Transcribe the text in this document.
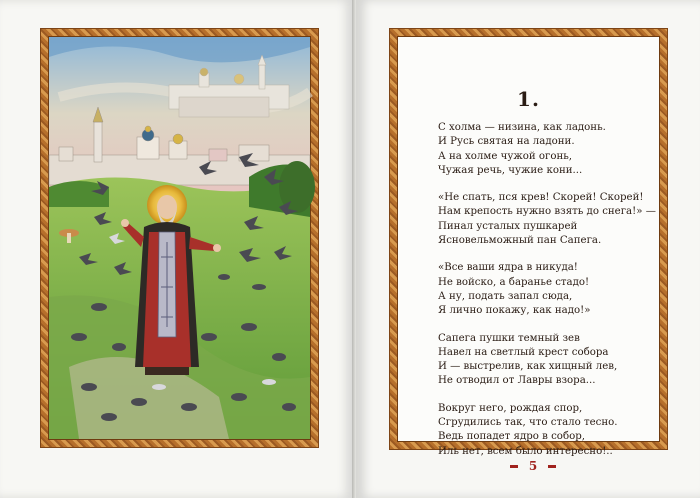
1.
С холма — низина, как ладонь.
И Русь святая на ладони.
А на холме чужой огонь,
Чужая речь, чужие кони...
«Не спать, пся крев! Скорей! Скорей!
Нам крепость нужно взять до снега!» —
Пинал усталых пушкарей
Ясновельможный пан Сапега.
«Все ваши ядра в никуда!
Не войско, а баранье стадо!
А ну, подать запал сюда,
Я лично покажу, как надо!»
Сапега пушки темный зев
Навел на светлый крест собора
И — выстрелив, как хищный лев,
Не отводил от Лавры взора...
Вокруг него, рождая спор,
Сгрудились так, что стало тесно.
Ведь попадет ядро в собор,
Иль нет, всем было интересно!..
5
